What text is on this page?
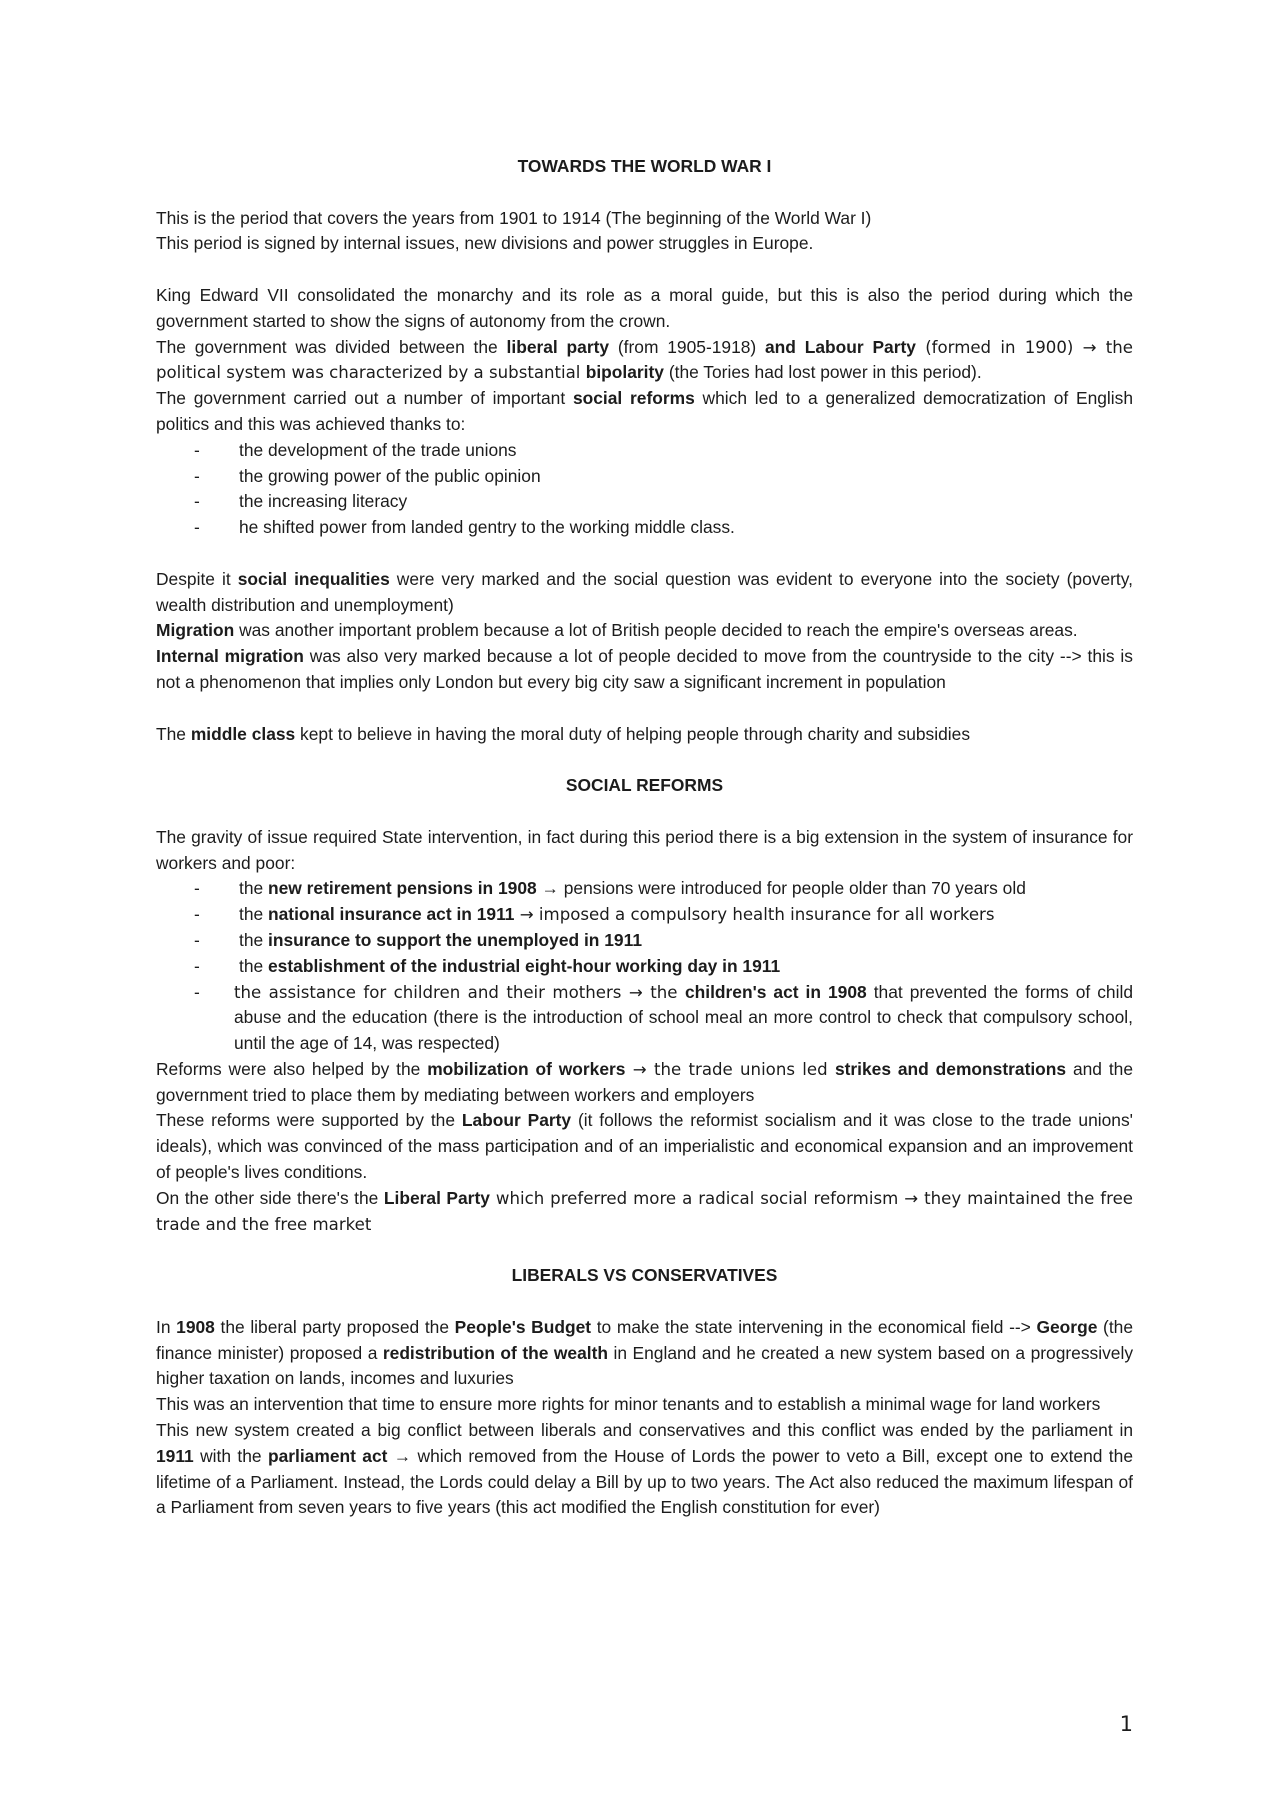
TOWARDS THE WORLD WAR I

This is the period that covers the years from 1901 to 1914 (The beginning of the World War I)

This period is signed by internal issues, new divisions and power struggles in Europe.

King Edward VII consolidated the monarchy and its role as a moral guide, but this is also the period during which the government started to show the signs of autonomy from the crown.

The government was divided between the liberal party (from 1905-1918) and Labour Party (formed in 1900) → the political system was characterized by a substantial bipolarity (the Tories had lost power in this period).

The government carried out a number of important social reforms which led to a generalized democratization of English politics and this was achieved thanks to:

- the development of the trade unions
- the growing power of the public opinion
- the increasing literacy
- he shifted power from landed gentry to the working middle class.

Despite it social inequalities were very marked and the social question was evident to everyone into the society (poverty, wealth distribution and unemployment)

Migration was another important problem because a lot of British people decided to reach the empire's overseas areas.

Internal migration was also very marked because a lot of people decided to move from the countryside to the city --> this is not a phenomenon that implies only London but every big city saw a significant increment in population

The middle class kept to believe in having the moral duty of helping people through charity and subsidies

SOCIAL REFORMS

The gravity of issue required State intervention, in fact during this period there is a big extension in the system of insurance for workers and poor:

- the new retirement pensions in 1908 → pensions were introduced for people older than 70 years old
- the national insurance act in 1911 → imposed a compulsory health insurance for all workers
- the insurance to support the unemployed in 1911
- the establishment of the industrial eight-hour working day in 1911
- the assistance for children and their mothers → the children's act in 1908 that prevented the forms of child abuse and the education (there is the introduction of school meal an more control to check that compulsory school, until the age of 14, was respected)

Reforms were also helped by the mobilization of workers → the trade unions led strikes and demonstrations and the government tried to place them by mediating between workers and employers

These reforms were supported by the Labour Party (it follows the reformist socialism and it was close to the trade unions' ideals), which was convinced of the mass participation and of an imperialistic and economical expansion and an improvement of people's lives conditions.

On the other side there's the Liberal Party which preferred more a radical social reformism → they maintained the free trade and the free market

LIBERALS VS CONSERVATIVES

In 1908 the liberal party proposed the People's Budget to make the state intervening in the economical field --> George (the finance minister) proposed a redistribution of the wealth in England and he created a new system based on a progressively higher taxation on lands, incomes and luxuries

This was an intervention that time to ensure more rights for minor tenants and to establish a minimal wage for land workers

This new system created a big conflict between liberals and conservatives and this conflict was ended by the parliament in 1911 with the parliament act → which removed from the House of Lords the power to veto a Bill, except one to extend the lifetime of a Parliament. Instead, the Lords could delay a Bill by up to two years. The Act also reduced the maximum lifespan of a Parliament from seven years to five years (this act modified the English constitution for ever)

1
